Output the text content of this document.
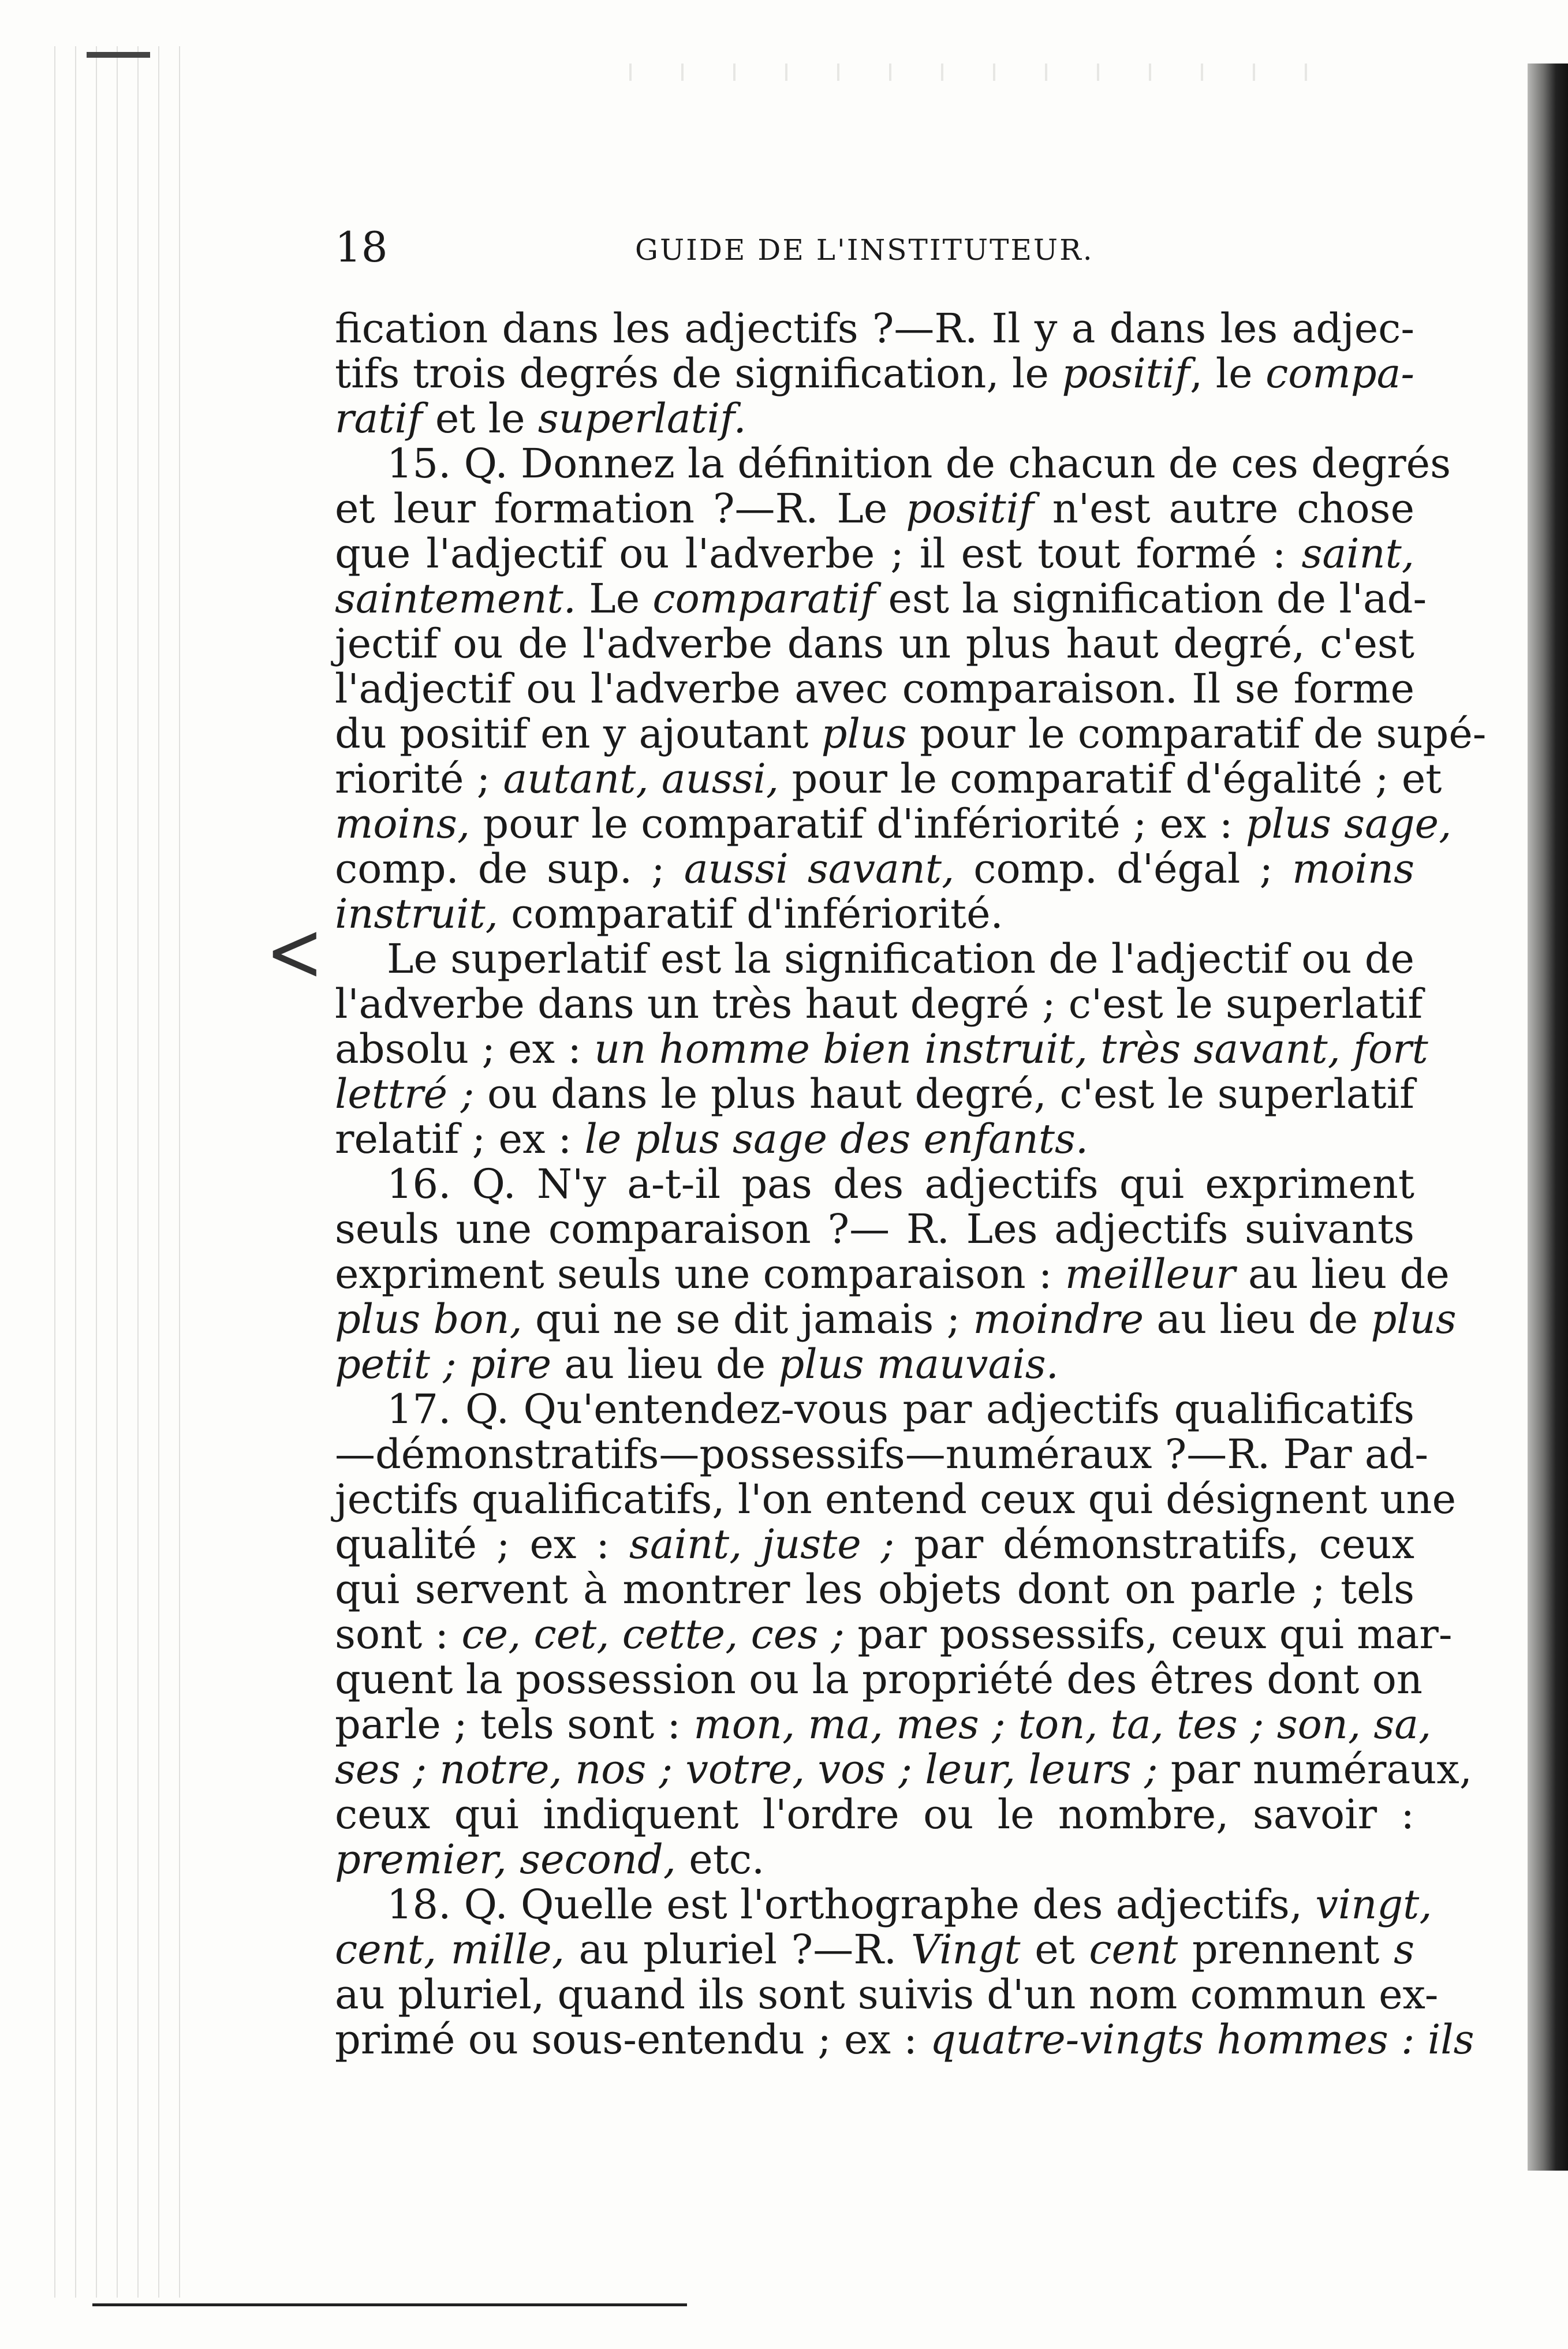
18	GUIDE DE L'INSTITUTEUR.
<
fication dans les adjectifs ?—R. Il y a dans les adjec-
tifs trois degrés de signification, le positif, le compa-
ratif et le superlatif.
15. Q. Donnez la définition de chacun de ces degrés
et leur formation ?—R. Le positif n'est autre chose
que l'adjectif ou l'adverbe ; il est tout formé : saint,
saintement. Le comparatif est la signification de l'ad-
jectif ou de l'adverbe dans un plus haut degré, c'est
l'adjectif ou l'adverbe avec comparaison. Il se forme
du positif en y ajoutant plus pour le comparatif de supé-
riorité ; autant, aussi, pour le comparatif d'égalité ; et
moins, pour le comparatif d'infériorité ; ex : plus sage,
comp. de sup. ; aussi savant, comp. d'égal ; moins
instruit, comparatif d'infériorité.
Le superlatif est la signification de l'adjectif ou de
l'adverbe dans un très haut degré ; c'est le superlatif
absolu ; ex : un homme bien instruit, très savant, fort
lettré ; ou dans le plus haut degré, c'est le superlatif
relatif ; ex : le plus sage des enfants.
16. Q. N'y a-t-il pas des adjectifs qui expriment
seuls une comparaison ?— R. Les adjectifs suivants
expriment seuls une comparaison : meilleur au lieu de
plus bon, qui ne se dit jamais ; moindre au lieu de plus
petit ; pire au lieu de plus mauvais.
17. Q. Qu'entendez-vous par adjectifs qualificatifs
—démonstratifs—possessifs—numéraux ?—R. Par ad-
jectifs qualificatifs, l'on entend ceux qui désignent une
qualité ; ex : saint, juste ; par démonstratifs, ceux
qui servent à montrer les objets dont on parle ; tels
sont : ce, cet, cette, ces ; par possessifs, ceux qui mar-
quent la possession ou la propriété des êtres dont on
parle ; tels sont : mon, ma, mes ; ton, ta, tes ; son, sa,
ses ; notre, nos ; votre, vos ; leur, leurs ; par numéraux,
ceux qui indiquent l'ordre ou le nombre, savoir :
premier, second, etc.
18. Q. Quelle est l'orthographe des adjectifs, vingt,
cent, mille, au pluriel ?—R. Vingt et cent prennent s
au pluriel, quand ils sont suivis d'un nom commun ex-
primé ou sous-entendu ; ex : quatre-vingts hommes : ils
